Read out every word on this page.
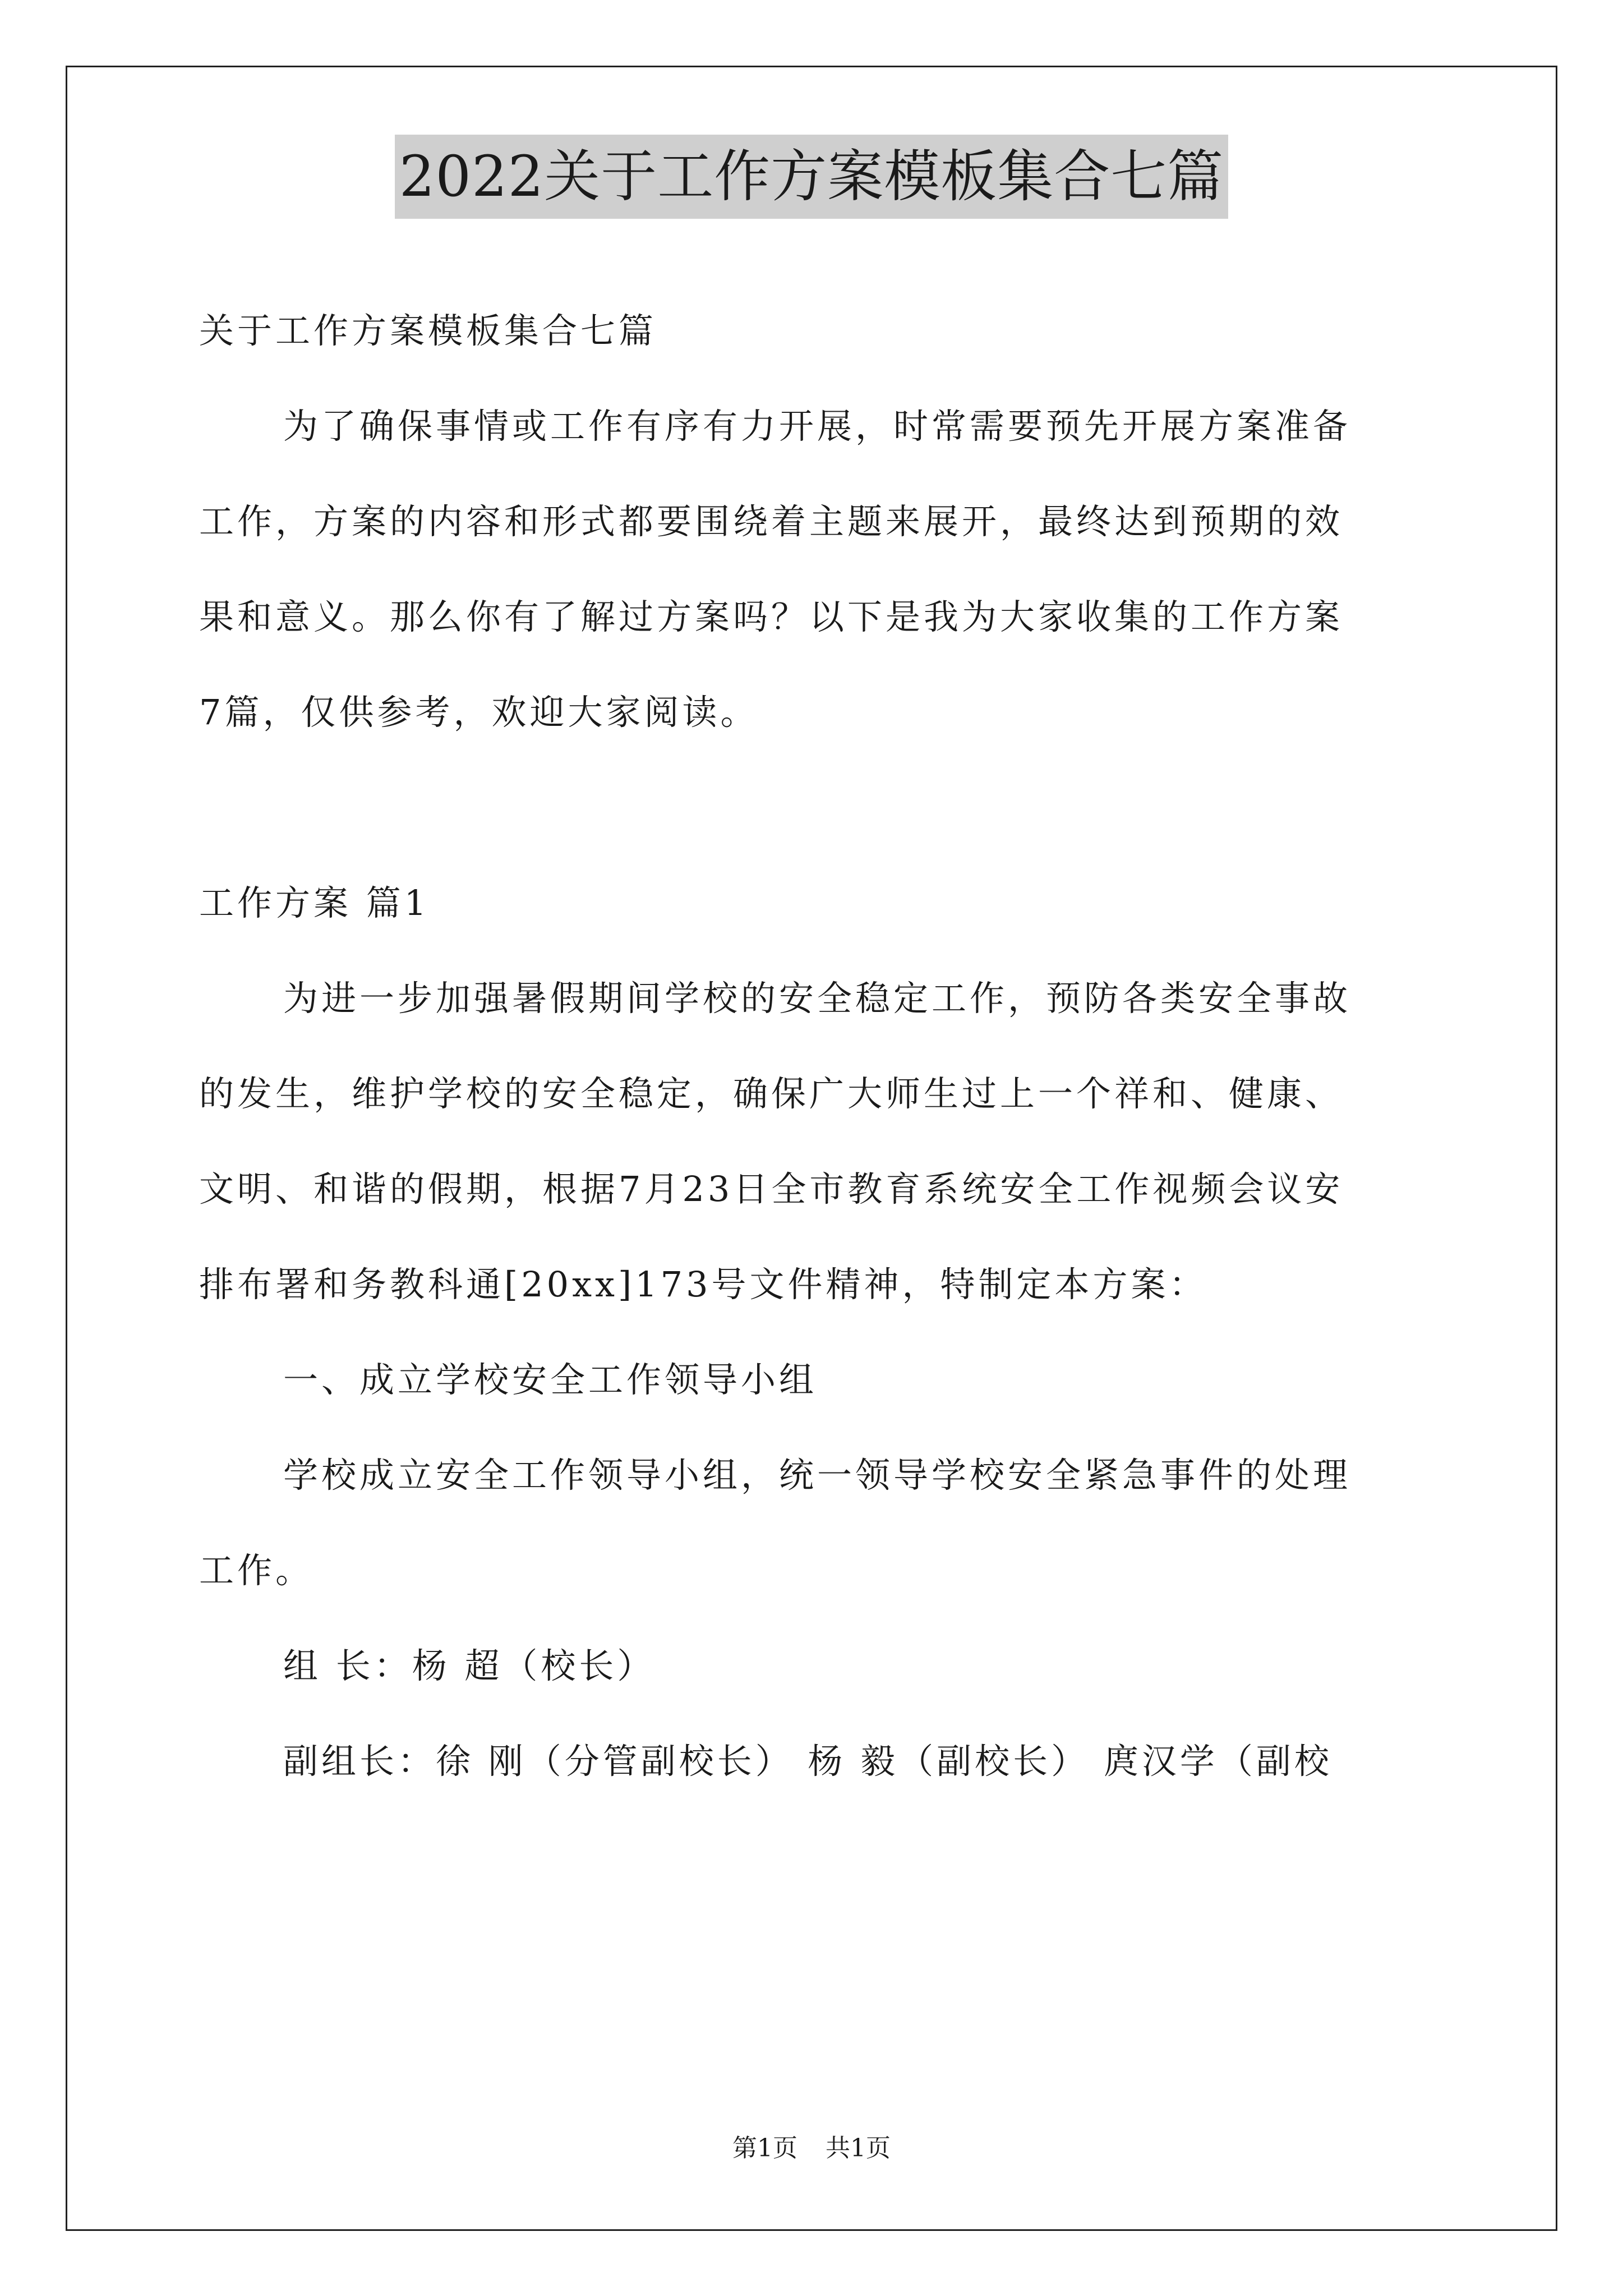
2022关于工作方案模板集合七篇
关于工作方案模板集合七篇
为了确保事情或工作有序有力开展，时常需要预先开展方案准备
工作，方案的内容和形式都要围绕着主题来展开，最终达到预期的效
果和意义。那么你有了解过方案吗？以下是我为大家收集的工作方案
7篇，仅供参考，欢迎大家阅读。
工作方案 篇1
为进一步加强暑假期间学校的安全稳定工作，预防各类安全事故
的发生，维护学校的安全稳定，确保广大师生过上一个祥和、健康、
文明、和谐的假期，根据7月23日全市教育系统安全工作视频会议安
排布署和务教科通[20xx]173号文件精神，特制定本方案：
一、成立学校安全工作领导小组
学校成立安全工作领导小组，统一领导学校安全紧急事件的处理
工作。
组 长：杨 超（校长）
副组长：徐 刚（分管副校长） 杨 毅（副校长） 庹汉学（副校
第1页 共1页
